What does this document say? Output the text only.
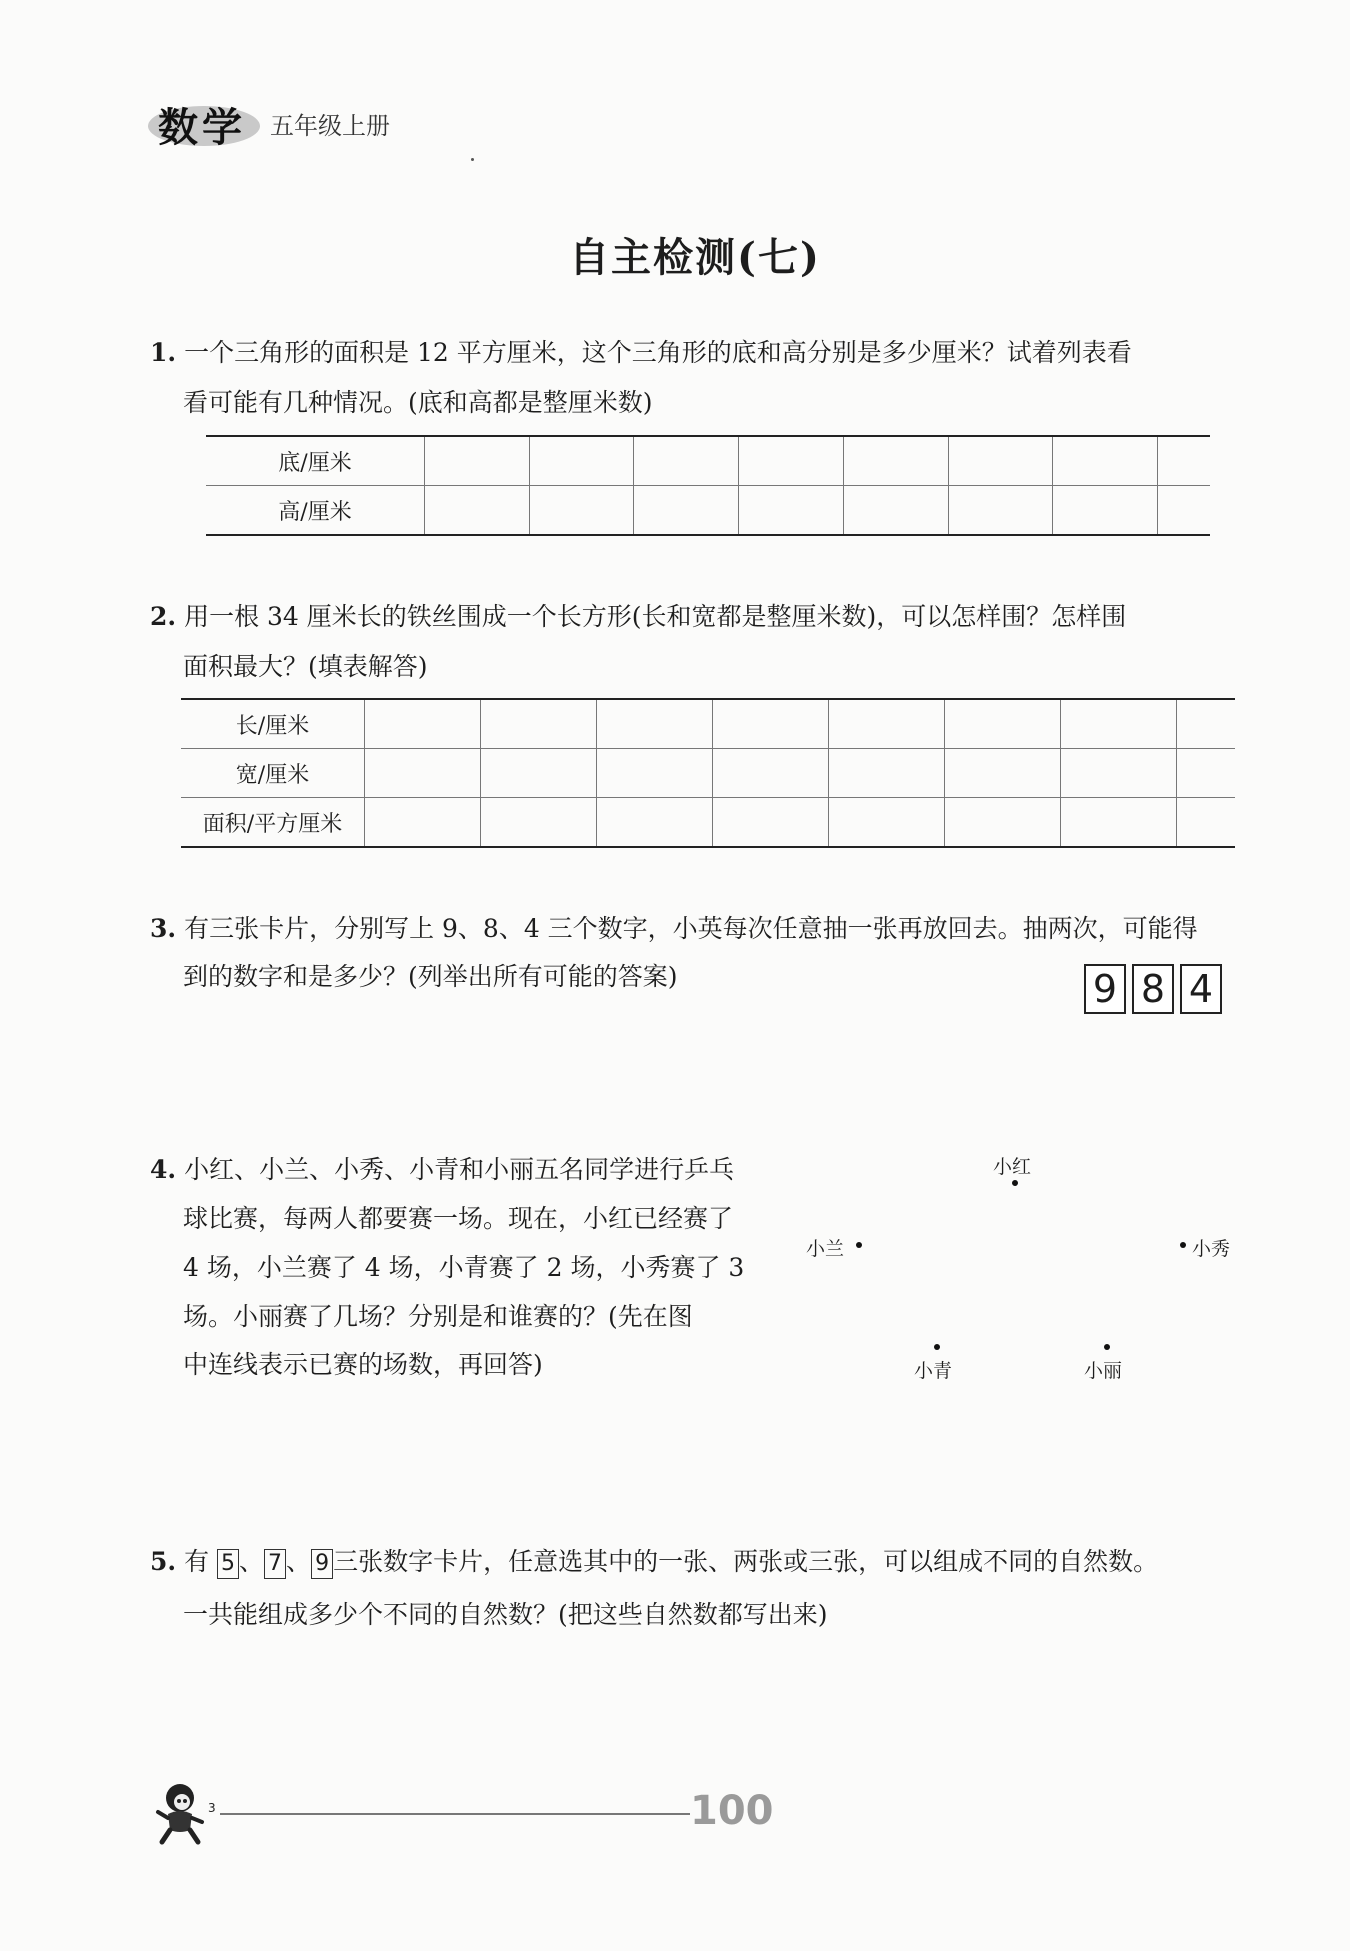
数学 五年级上册
自主检测(七)
1. 一个三角形的面积是 12 平方厘米，这个三角形的底和高分别是多少厘米？试着列表看
看可能有几种情况。(底和高都是整厘米数)
底/厘米								
高/厘米								
2. 用一根 34 厘米长的铁丝围成一个长方形(长和宽都是整厘米数)，可以怎样围？怎样围
面积最大？(填表解答)
长/厘米								
宽/厘米								
面积/平方厘米								
3. 有三张卡片，分别写上 9、8、4 三个数字，小英每次任意抽一张再放回去。抽两次，可能得
到的数字和是多少？(列举出所有可能的答案)	9 8 4
4. 小红、小兰、小秀、小青和小丽五名同学进行乒乓
球比赛，每两人都要赛一场。现在，小红已经赛了
4 场，小兰赛了 4 场，小青赛了 2 场，小秀赛了 3
场。小丽赛了几场？分别是和谁赛的？(先在图
中连线表示已赛的场数，再回答)
小红
小兰	小秀
小青	小丽
5. 有 5 、 7 、 9 三张数字卡片，任意选其中的一张、两张或三张，可以组成不同的自然数。
一共能组成多少个不同的自然数？(把这些自然数都写出来)
3	100
